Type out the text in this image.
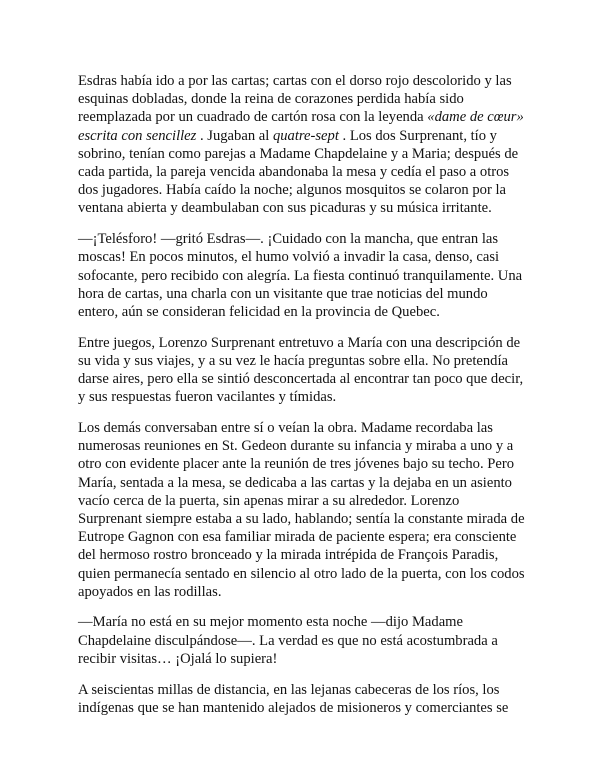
Esdras había ido a por las cartas; cartas con el dorso rojo descolorido y las esquinas dobladas, donde la reina de corazones perdida había sido reemplazada por un cuadrado de cartón rosa con la leyenda «dame de cœur» escrita con sencillez . Jugaban al quatre-sept . Los dos Surprenant, tío y sobrino, tenían como parejas a Madame Chapdelaine y a Maria; después de cada partida, la pareja vencida abandonaba la mesa y cedía el paso a otros dos jugadores. Había caído la noche; algunos mosquitos se colaron por la ventana abierta y deambulaban con sus picaduras y su música irritante.

—¡Telésforo! —gritó Esdras—. ¡Cuidado con la mancha, que entran las moscas! En pocos minutos, el humo volvió a invadir la casa, denso, casi sofocante, pero recibido con alegría. La fiesta continuó tranquilamente. Una hora de cartas, una charla con un visitante que trae noticias del mundo entero, aún se consideran felicidad en la provincia de Quebec.

Entre juegos, Lorenzo Surprenant entretuvo a María con una descripción de su vida y sus viajes, y a su vez le hacía preguntas sobre ella. No pretendía darse aires, pero ella se sintió desconcertada al encontrar tan poco que decir, y sus respuestas fueron vacilantes y tímidas.

Los demás conversaban entre sí o veían la obra. Madame recordaba las numerosas reuniones en St. Gedeon durante su infancia y miraba a uno y a otro con evidente placer ante la reunión de tres jóvenes bajo su techo. Pero María, sentada a la mesa, se dedicaba a las cartas y la dejaba en un asiento vacío cerca de la puerta, sin apenas mirar a su alrededor. Lorenzo Surprenant siempre estaba a su lado, hablando; sentía la constante mirada de Eutrope Gagnon con esa familiar mirada de paciente espera; era consciente del hermoso rostro bronceado y la mirada intrépida de François Paradis, quien permanecía sentado en silencio al otro lado de la puerta, con los codos apoyados en las rodillas.

—María no está en su mejor momento esta noche —dijo Madame Chapdelaine disculpándose—. La verdad es que no está acostumbrada a recibir visitas… ¡Ojalá lo supiera!

A seiscientas millas de distancia, en las lejanas cabeceras de los ríos, los indígenas que se han mantenido alejados de misioneros y comerciantes se
